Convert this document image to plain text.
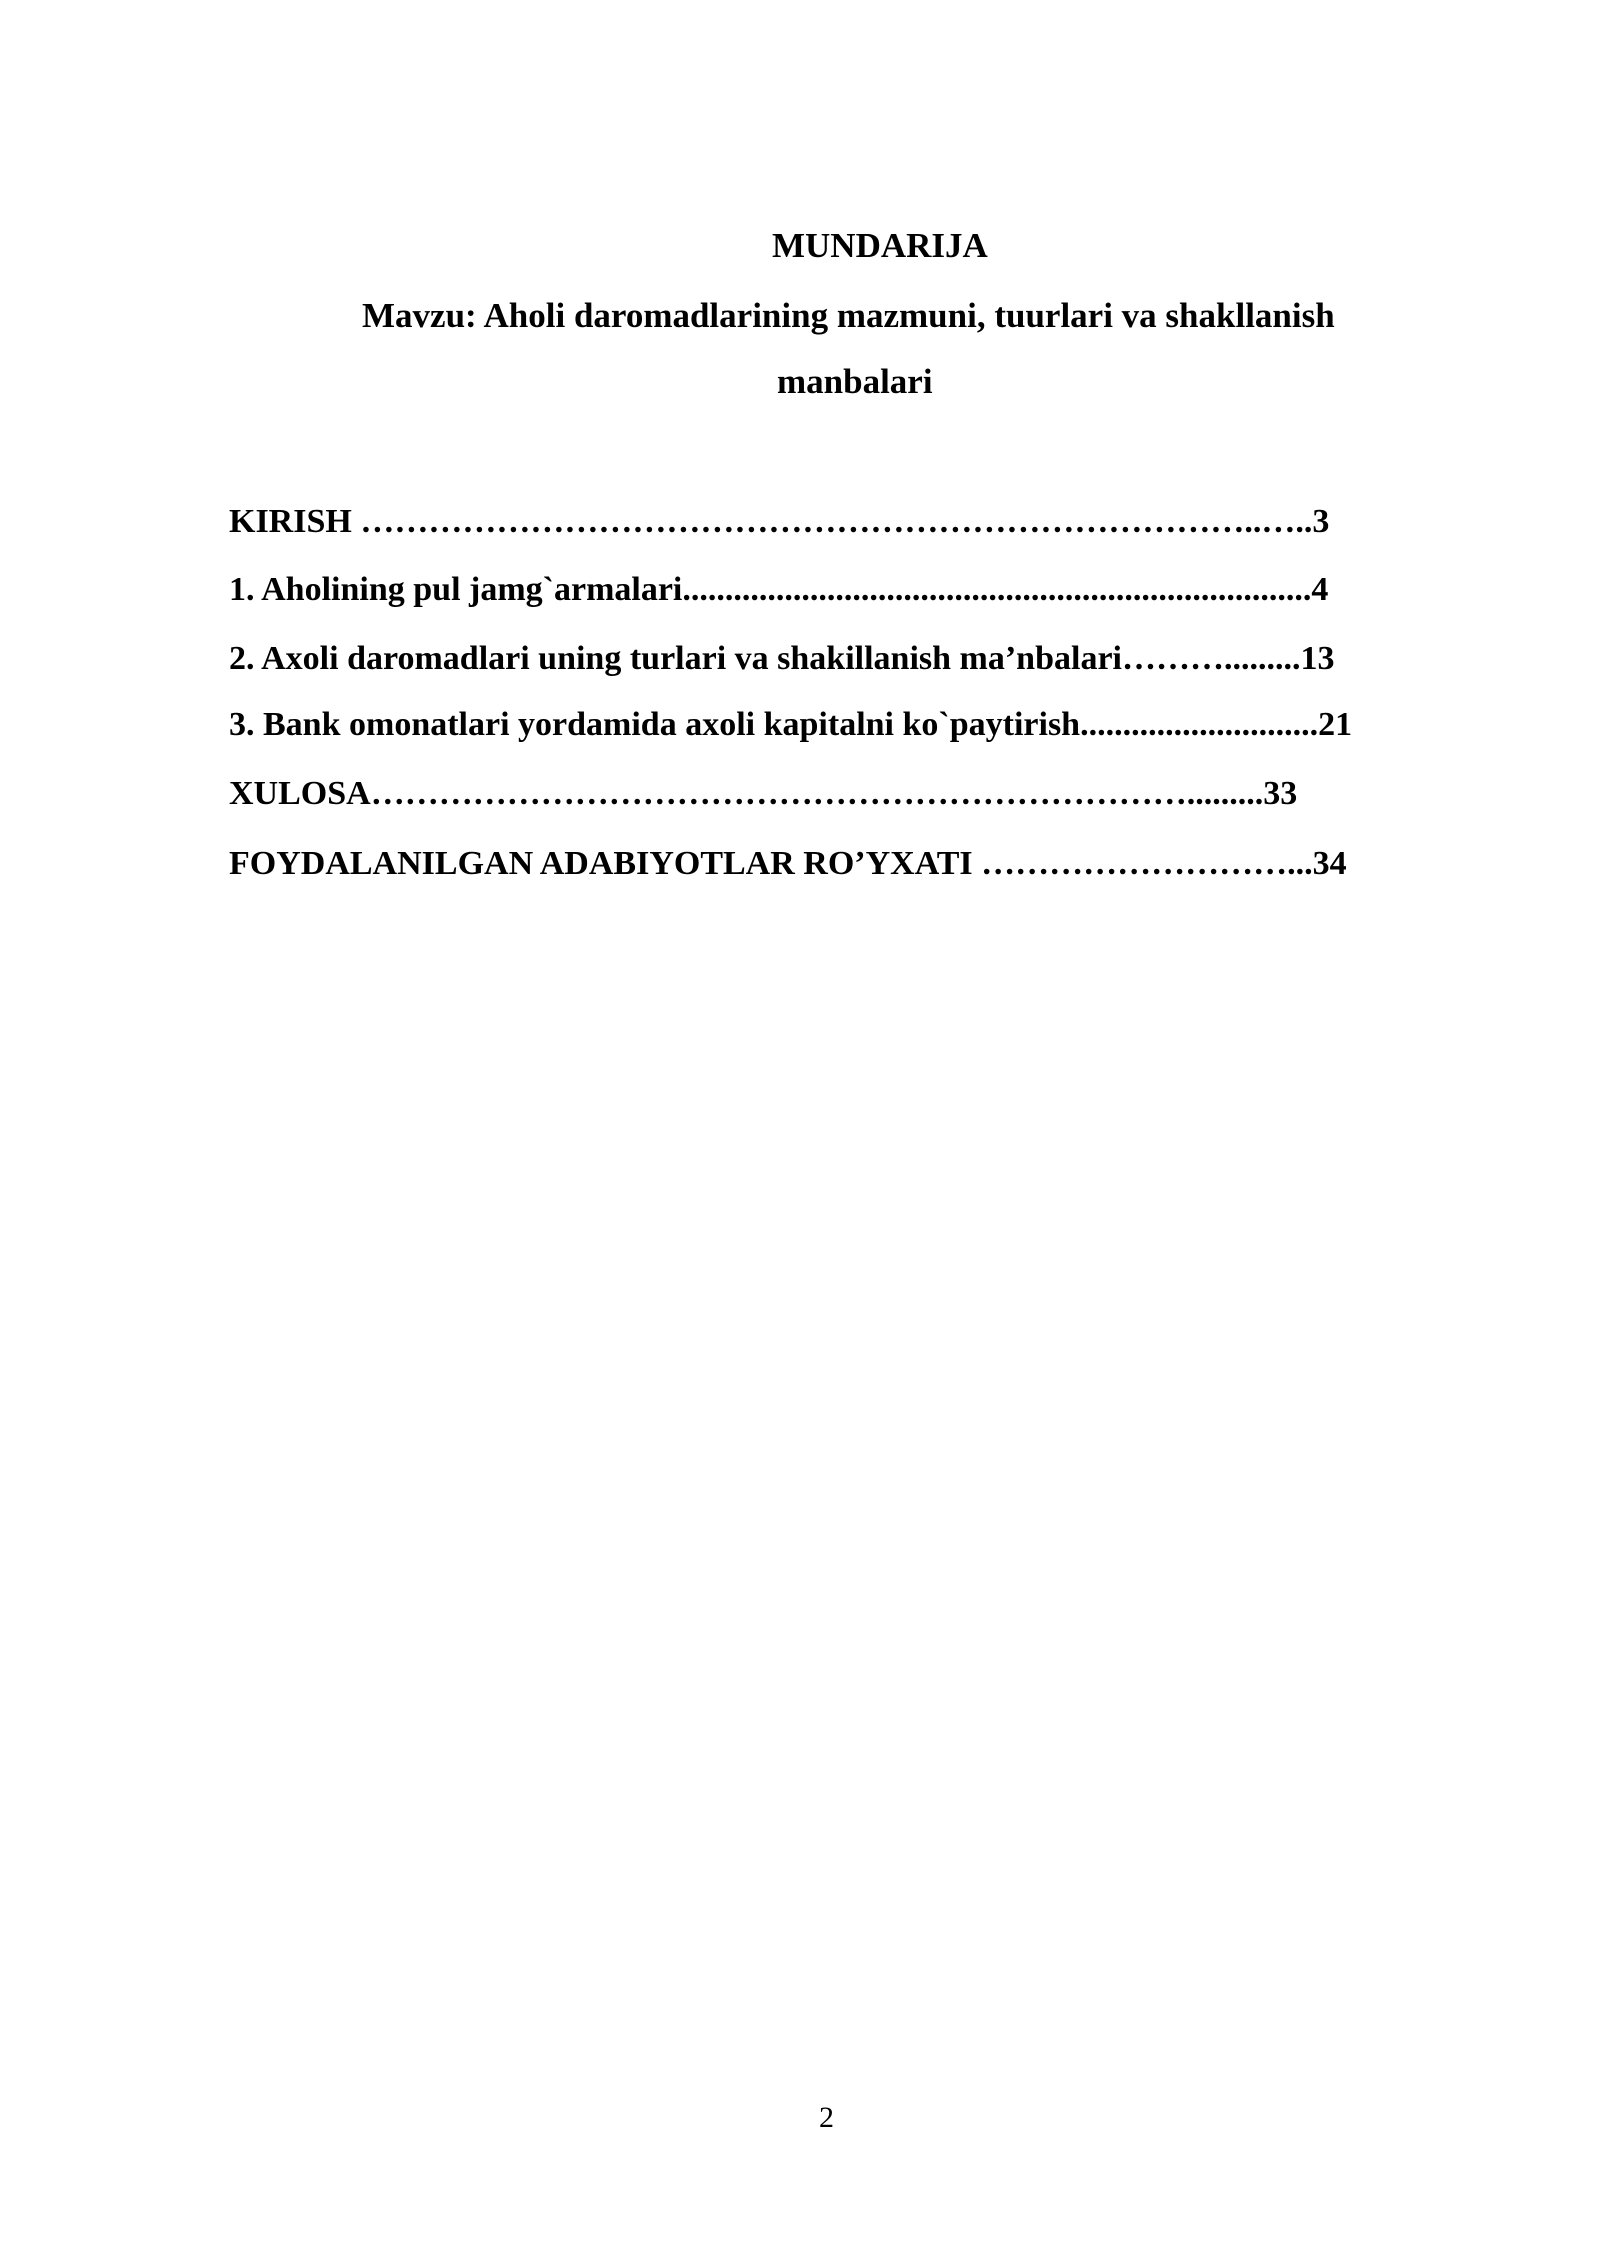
MUNDARIJA
Mavzu: Aholi daromadlarining mazmuni, tuurlari va shakllanish
manbalari
KIRISH ……………………………………………………………………..…..3
1. Aholining pul jamg`armalari..........................................................................4
2. Axoli daromadlari uning turlari va shakillanish ma’nbalari……….........13
3. Bank omonatlari yordamida axoli kapitalni ko`paytirish............................21
XULOSA……………………………………………………………….........33
FOYDALANILGAN ADABIYOTLAR RO’YXATI ………………………...34
2
